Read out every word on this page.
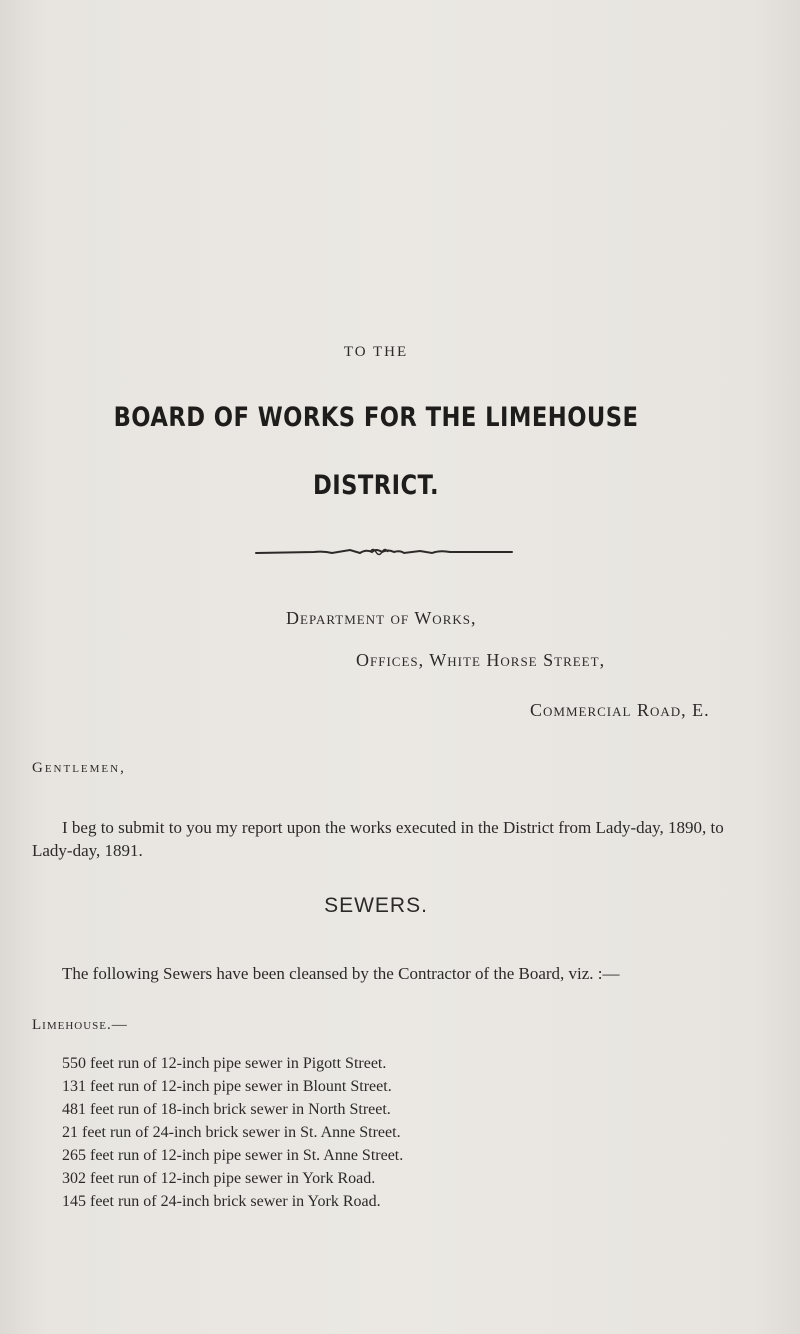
TO THE
BOARD OF WORKS FOR THE LIMEHOUSE
DISTRICT.
Department of Works,
Offices, White Horse Street,
Commercial Road, E.
Gentlemen,

I beg to submit to you my report upon the works executed in the District from Lady-day, 1890, to Lady-day, 1891.

SEWERS.

The following Sewers have been cleansed by the Contractor of the Board, viz. :—

Limehouse.—
550 feet run of 12-inch pipe sewer in Pigott Street.
131 feet run of 12-inch pipe sewer in Blount Street.
481 feet run of 18-inch brick sewer in North Street.
21 feet run of 24-inch brick sewer in St. Anne Street.
265 feet run of 12-inch pipe sewer in St. Anne Street.
302 feet run of 12-inch pipe sewer in York Road.
145 feet run of 24-inch brick sewer in York Road.
